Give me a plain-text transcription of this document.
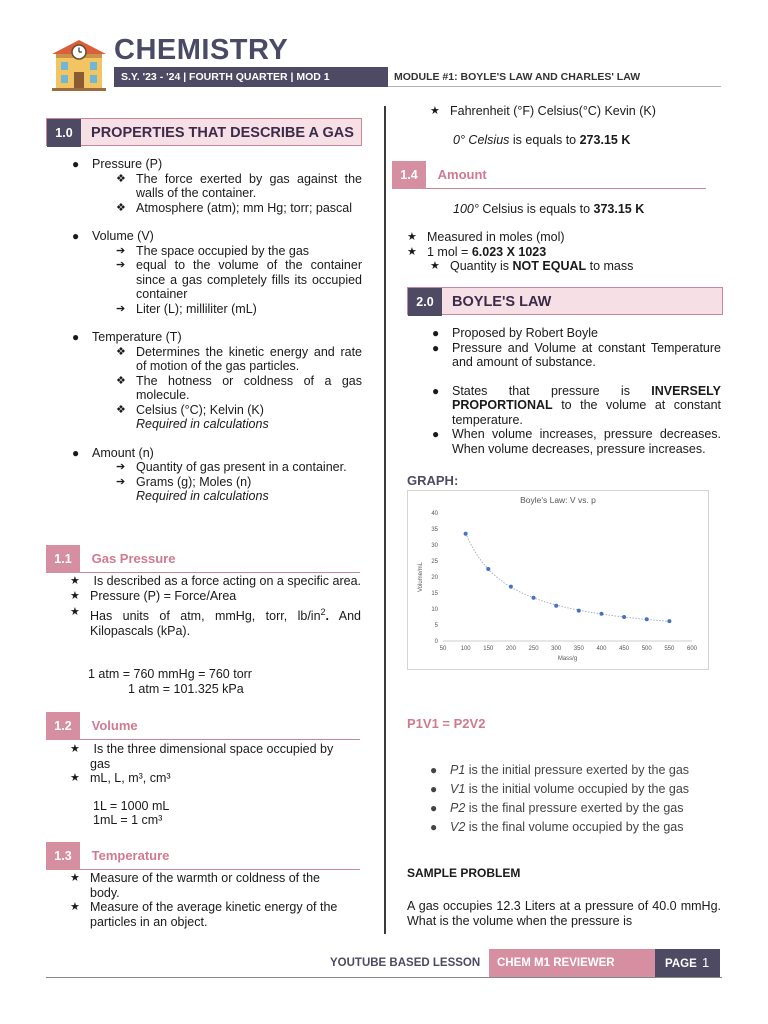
CHEMISTRY
S.Y. '23 - '24 | FOURTH QUARTER | MOD 1	MODULE #1: BOYLE'S LAW AND CHARLES' LAW
1.0 PROPERTIES THAT DESCRIBE A GAS
● Pressure (P)
❖ The force exerted by gas against the walls of the container.
❖ Atmosphere (atm); mm Hg; torr; pascal
● Volume (V)
➔ The space occupied by the gas
➔ equal to the volume of the container since a gas completely fills its occupied container
➔ Liter (L); milliliter (mL)
● Temperature (T)
❖ Determines the kinetic energy and rate of motion of the gas particles.
❖ The hotness or coldness of a gas molecule.
❖ Celsius (°C); Kelvin (K)
Required in calculations
● Amount (n)
➔ Quantity of gas present in a container.
➔ Grams (g); Moles (n)
Required in calculations
1.1 Gas Pressure
★ Is described as a force acting on a specific area.
★ Pressure (P) = Force/Area
★ Has units of atm, mmHg, torr, $lb/in^2$. And Kilopascals (kPa).
1 atm = 760 mmHg = 760 torr
1 atm = 101.325 kPa
1.2 Volume
★ Is the three dimensional space occupied by gas
★ mL, L, m³, cm³
1L = 1000 mL
1mL = 1 cm³
1.3 Temperature
★ Measure of the warmth or coldness of the body.
★ Measure of the average kinetic energy of the particles in an object.
★ Fahrenheit (°F) Celsius(°C) Kevin (K)
0° Celsius is equals to 273.15 K
1.4 Amount
100° Celsius is equals to 373.15 K
★ Measured in moles (mol)
★ 1 mol = 6.023 X 1023
★ Quantity is NOT EQUAL to mass
2.0 BOYLE'S LAW
● Proposed by Robert Boyle
● Pressure and Volume at constant Temperature and amount of substance.
● States that pressure is INVERSELY PROPORTIONAL to the volume at constant temperature.
● When volume increases, pressure decreases. When volume decreases, pressure increases.
GRAPH:
Boyle's Law: V vs. p
50 100 150 200 250 300 350 400 450 500 550 600
0
5
10
15
20
25
30
35
40
Mass/g
Volume/mL
P1V1 = P2V2
● P1 is the initial pressure exerted by the gas
● V1 is the initial volume occupied by the gas
● P2 is the final pressure exerted by the gas
● V2 is the final volume occupied by the gas
SAMPLE PROBLEM
A gas occupies 12.3 Liters at a pressure of 40.0 mmHg. What is the volume when the pressure is
YOUTUBE BASED LESSON	CHEM M1 REVIEWER	PAGE 1
